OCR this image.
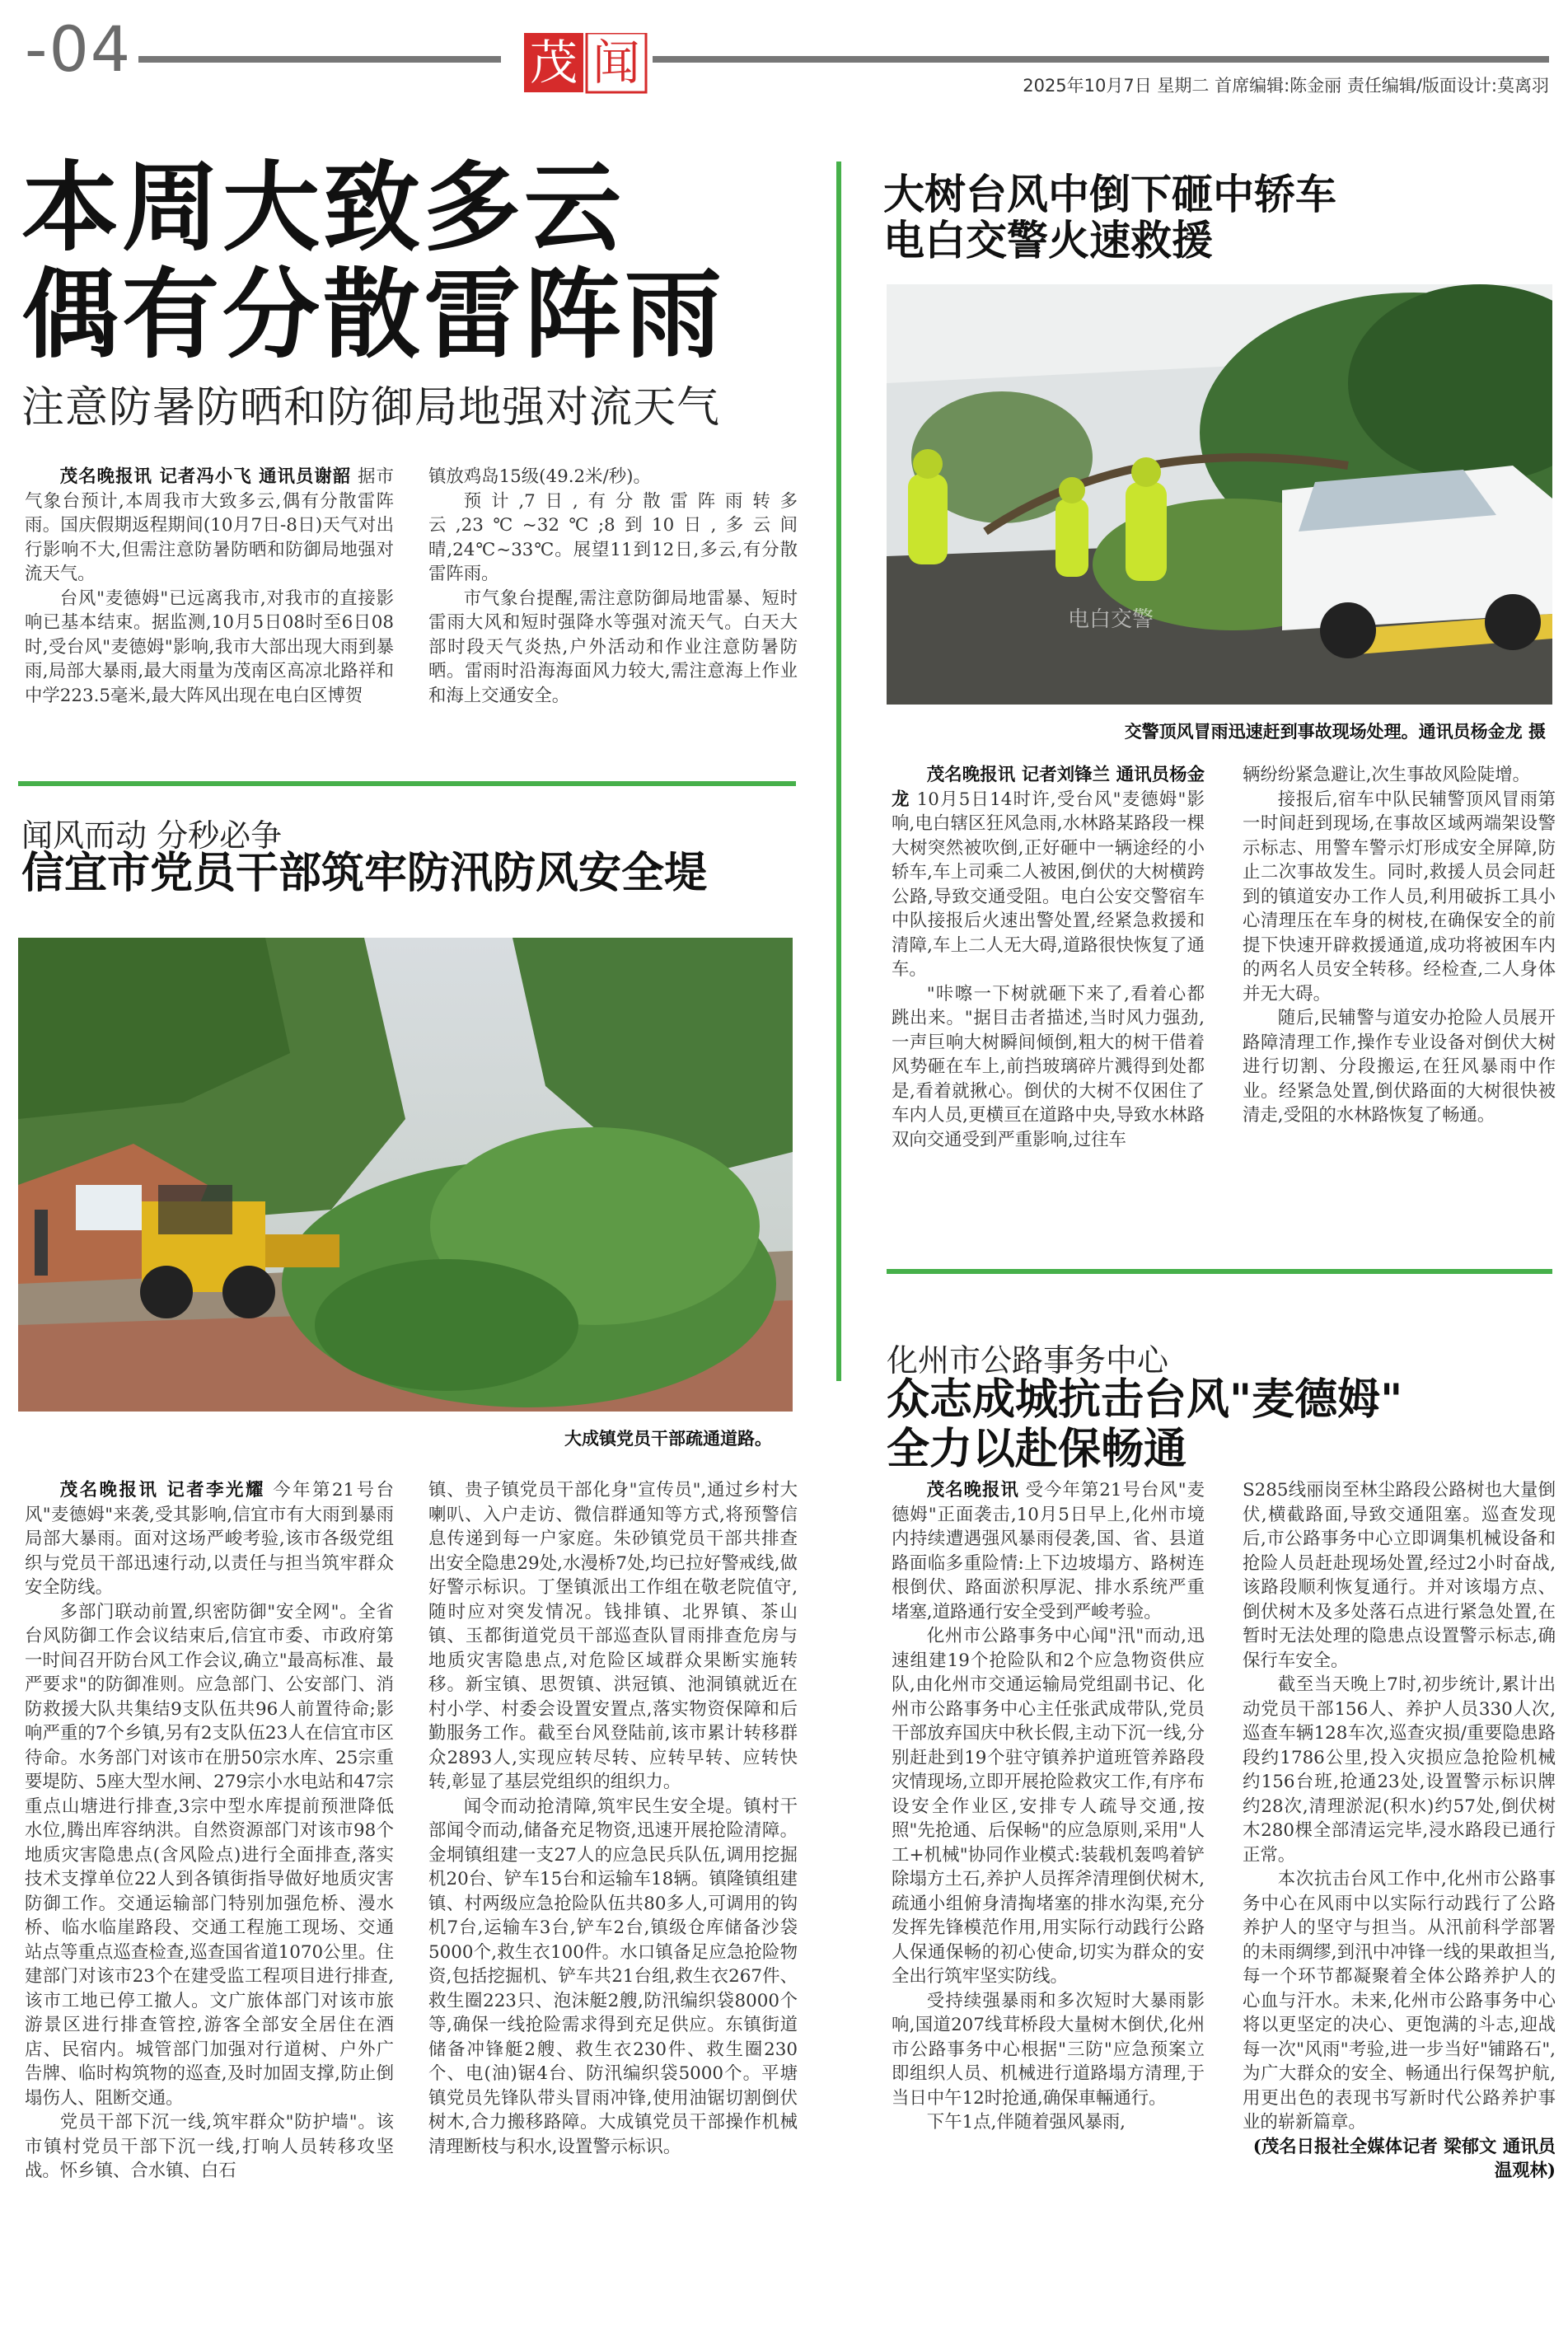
-04	茂 闻	2025年10月7日 星期二 首席编辑:陈金丽 责任编辑/版面设计:莫离羽
本周大致多云
偶有分散雷阵雨
注意防暑防晒和防御局地强对流天气

茂名晚报讯 记者冯小飞 通讯员谢韶 据市气象台预计,本周我市大致多云,偶有分散雷阵雨。国庆假期返程期间(10月7日-8日)天气对出行影响不大,但需注意防暑防晒和防御局地强对流天气。

台风"麦德姆"已远离我市,对我市的直接影响已基本结束。据监测,10月5日08时至6日08时,受台风"麦德姆"影响,我市大部出现大雨到暴雨,局部大暴雨,最大雨量为茂南区高凉北路祥和中学223.5毫米,最大阵风出现在电白区博贺

镇放鸡岛15级(49.2米/秒)。

预计,7日,有分散雷阵雨转多云,23℃~32℃;8到10日,多云间晴,24℃~33℃。展望11到12日,多云,有分散雷阵雨。

市气象台提醒,需注意防御局地雷暴、短时雷雨大风和短时强降水等强对流天气。白天大部时段天气炎热,户外活动和作业注意防暑防晒。雷雨时沿海海面风力较大,需注意海上作业和海上交通安全。

闻风而动 分秒必争
信宜市党员干部筑牢防汛防风安全堤
大成镇党员干部疏通道路。

茂名晚报讯 记者李光耀 今年第21号台风"麦德姆"来袭,受其影响,信宜市有大雨到暴雨局部大暴雨。面对这场严峻考验,该市各级党组织与党员干部迅速行动,以责任与担当筑牢群众安全防线。

多部门联动前置,织密防御"安全网"。全省台风防御工作会议结束后,信宜市委、市政府第一时间召开防台风工作会议,确立"最高标准、最严要求"的防御准则。应急部门、公安部门、消防救援大队共集结9支队伍共96人前置待命;影响严重的7个乡镇,另有2支队伍23人在信宜市区待命。水务部门对该市在册50宗水库、25宗重要堤防、5座大型水闸、279宗小水电站和47宗重点山塘进行排查,3宗中型水库提前预泄降低水位,腾出库容纳洪。自然资源部门对该市98个地质灾害隐患点(含风险点)进行全面排查,落实技术支撑单位22人到各镇街指导做好地质灾害防御工作。交通运输部门特别加强危桥、漫水桥、临水临崖路段、交通工程施工现场、交通站点等重点巡查检查,巡查国省道1070公里。住建部门对该市23个在建受监工程项目进行排查,该市工地已停工撤人。文广旅体部门对该市旅游景区进行排查管控,游客全部安全居住在酒店、民宿内。城管部门加强对行道树、户外广告牌、临时构筑物的巡查,及时加固支撑,防止倒塌伤人、阻断交通。

党员干部下沉一线,筑牢群众"防护墙"。该市镇村党员干部下沉一线,打响人员转移攻坚战。怀乡镇、合水镇、白石

镇、贵子镇党员干部化身"宣传员",通过乡村大喇叭、入户走访、微信群通知等方式,将预警信息传递到每一户家庭。朱砂镇党员干部共排查出安全隐患29处,水漫桥7处,均已拉好警戒线,做好警示标识。丁堡镇派出工作组在敬老院值守,随时应对突发情况。钱排镇、北界镇、茶山镇、玉都街道党员干部巡查队冒雨排查危房与地质灾害隐患点,对危险区域群众果断实施转移。新宝镇、思贺镇、洪冠镇、池洞镇就近在村小学、村委会设置安置点,落实物资保障和后勤服务工作。截至台风登陆前,该市累计转移群众2893人,实现应转尽转、应转早转、应转快转,彰显了基层党组织的组织力。

闻令而动抢清障,筑牢民生安全堤。镇村干部闻令而动,储备充足物资,迅速开展抢险清障。金垌镇组建一支27人的应急民兵队伍,调用挖掘机20台、铲车15台和运输车18辆。镇隆镇组建镇、村两级应急抢险队伍共80多人,可调用的钩机7台,运输车3台,铲车2台,镇级仓库储备沙袋5000个,救生衣100件。水口镇备足应急抢险物资,包括挖掘机、铲车共21台组,救生衣267件、救生圈223只、泡沫艇2艘,防汛编织袋8000个等,确保一线抢险需求得到充足供应。东镇街道储备冲锋艇2艘、救生衣230件、救生圈230个、电(油)锯4台、防汛编织袋5000个。平塘镇党员先锋队带头冒雨冲锋,使用油锯切割倒伏树木,合力搬移路障。大成镇党员干部操作机械清理断枝与积水,设置警示标识。

大树台风中倒下砸中轿车
电白交警火速救援
电白交警
交警顶风冒雨迅速赶到事故现场处理。通讯员杨金龙 摄

茂名晚报讯 记者刘锋兰 通讯员杨金龙 10月5日14时许,受台风"麦德姆"影响,电白辖区狂风急雨,水林路某路段一棵大树突然被吹倒,正好砸中一辆途经的小轿车,车上司乘二人被困,倒伏的大树横跨公路,导致交通受阻。电白公安交警宿车中队接报后火速出警处置,经紧急救援和清障,车上二人无大碍,道路很快恢复了通车。

"咔嚓一下树就砸下来了,看着心都跳出来。"据目击者描述,当时风力强劲,一声巨响大树瞬间倾倒,粗大的树干借着风势砸在车上,前挡玻璃碎片溅得到处都是,看着就揪心。倒伏的大树不仅困住了车内人员,更横亘在道路中央,导致水林路双向交通受到严重影响,过往车

辆纷纷紧急避让,次生事故风险陡增。

接报后,宿车中队民辅警顶风冒雨第一时间赶到现场,在事故区域两端架设警示标志、用警车警示灯形成安全屏障,防止二次事故发生。同时,救援人员会同赶到的镇道安办工作人员,利用破拆工具小心清理压在车身的树枝,在确保安全的前提下快速开辟救援通道,成功将被困车内的两名人员安全转移。经检查,二人身体并无大碍。

随后,民辅警与道安办抢险人员展开路障清理工作,操作专业设备对倒伏大树进行切割、分段搬运,在狂风暴雨中作业。经紧急处置,倒伏路面的大树很快被清走,受阻的水林路恢复了畅通。

化州市公路事务中心
众志成城抗击台风"麦德姆"
全力以赴保畅通

茂名晚报讯 受今年第21号台风"麦德姆"正面袭击,10月5日早上,化州市境内持续遭遇强风暴雨侵袭,国、省、县道路面临多重险情:上下边坡塌方、路树连根倒伏、路面淤积厚泥、排水系统严重堵塞,道路通行安全受到严峻考验。

化州市公路事务中心闻"汛"而动,迅速组建19个抢险队和2个应急物资供应队,由化州市交通运输局党组副书记、化州市公路事务中心主任张武成带队,党员干部放弃国庆中秋长假,主动下沉一线,分别赶赴到19个驻守镇养护道班管养路段灾情现场,立即开展抢险救灾工作,有序布设安全作业区,安排专人疏导交通,按照"先抢通、后保畅"的应急原则,采用"人工+机械"协同作业模式:装载机轰鸣着铲除塌方土石,养护人员挥斧清理倒伏树木,疏通小组俯身清掏堵塞的排水沟渠,充分发挥先锋模范作用,用实际行动践行公路人保通保畅的初心使命,切实为群众的安全出行筑牢坚实防线。

受持续强暴雨和多次短时大暴雨影响,国道207线茸桥段大量树木倒伏,化州市公路事务中心根据"三防"应急预案立即组织人员、机械进行道路塌方清理,于当日中午12时抢通,确保車輛通行。

下午1点,伴随着强风暴雨,

S285线丽岗至林尘路段公路树也大量倒伏,横截路面,导致交通阻塞。巡查发现后,市公路事务中心立即调集机械设备和抢险人员赶赴现场处置,经过2小时奋战,该路段顺利恢复通行。并对该塌方点、倒伏树木及多处落石点进行紧急处置,在暂时无法处理的隐患点设置警示标志,确保行车安全。

截至当天晚上7时,初步统计,累计出动党员干部156人、养护人员330人次,巡查车辆128车次,巡查灾损/重要隐患路段约1786公里,投入灾损应急抢险机械约156台班,抢通23处,设置警示标识牌约28次,清理淤泥(积水)约57处,倒伏树木280棵全部清运完毕,浸水路段已通行正常。

本次抗击台风工作中,化州市公路事务中心在风雨中以实际行动践行了公路养护人的坚守与担当。从汛前科学部署的未雨绸缪,到汛中冲锋一线的果敢担当,每一个环节都凝聚着全体公路养护人的心血与汗水。未来,化州市公路事务中心将以更坚定的决心、更饱满的斗志,迎战每一次"风雨"考验,进一步当好"铺路石",为广大群众的安全、畅通出行保驾护航,用更出色的表现书写新时代公路养护事业的崭新篇章。

(茂名日报社全媒体记者 梁郁文 通讯员 温观林)
